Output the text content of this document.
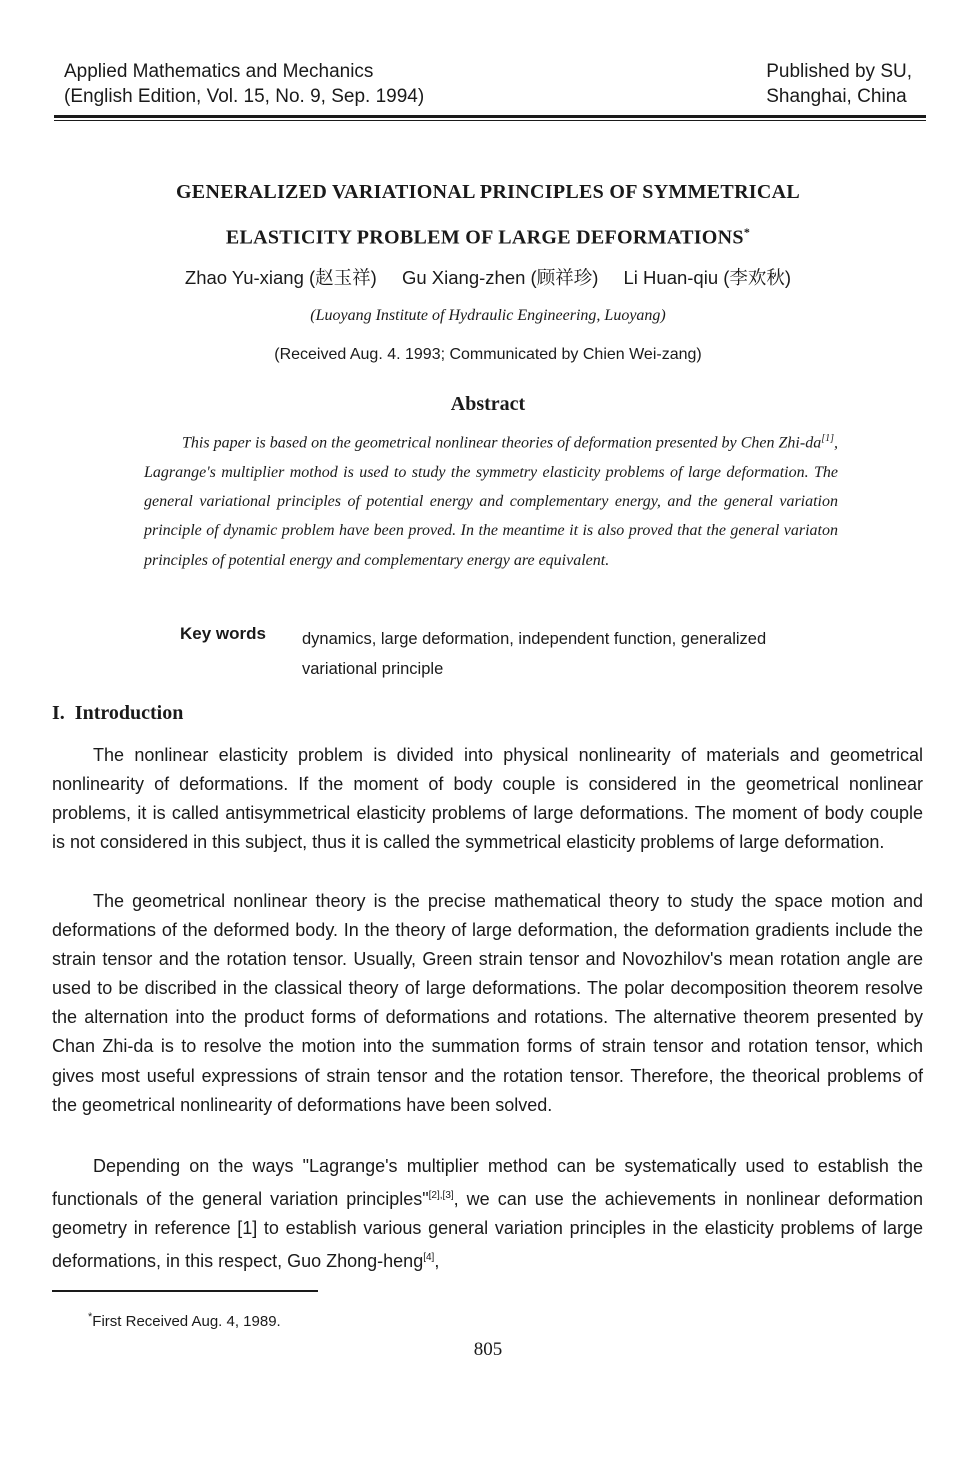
Applied Mathematics and Mechanics
(English Edition, Vol. 15, No. 9, Sep. 1994)
Published by SU,
Shanghai, China
GENERALIZED VARIATIONAL PRINCIPLES OF SYMMETRICAL
ELASTICITY PROBLEM OF LARGE DEFORMATIONS*
Zhao Yu-xiang (赵玉祥) Gu Xiang-zhen (顾祥珍) Li Huan-qiu (李欢秋)
(Luoyang Institute of Hydraulic Engineering, Luoyang)
(Received Aug. 4. 1993; Communicated by Chien Wei-zang)
Abstract
This paper is based on the geometrical nonlinear theories of deformation presented by Chen Zhi-da[1], Lagrange's multiplier mothod is used to study the symmetry elasticity problems of large deformation. The general variational principles of potential energy and complementary energy, and the general variation principle of dynamic problem have been proved. In the meantime it is also proved that the general variaton principles of potential energy and complementary energy are equivalent.
Key words dynamics, large deformation, independent function, generalized variational principle
I.  Introduction
The nonlinear elasticity problem is divided into physical nonlinearity of materials and geometrical nonlinearity of deformations. If the moment of body couple is considered in the geometrical nonlinear problems, it is called antisymmetrical elasticity problems of large deformations. The moment of body couple is not considered in this subject, thus it is called the symmetrical elasticity problems of large deformation.
The geometrical nonlinear theory is the precise mathematical theory to study the space motion and deformations of the deformed body. In the theory of large deformation, the deformation gradients include the strain tensor and the rotation tensor. Usually, Green strain tensor and Novozhilov's mean rotation angle are used to be discribed in the classical theory of large deformations. The polar decomposition theorem resolve the alternation into the product forms of deformations and rotations. The alternative theorem presented by Chan Zhi-da is to resolve the motion into the summation forms of strain tensor and rotation tensor, which gives most useful expressions of strain tensor and the rotation tensor. Therefore, the theorical problems of the geometrical nonlinearity of deformations have been solved.
Depending on the ways "Lagrange's multiplier method can be systematically used to establish the functionals of the general variation principles"[2],[3], we can use the achievements in nonlinear deformation geometry in reference [1] to establish various general variation principles in the elasticity problems of large deformations, in this respect, Guo Zhong-heng[4],
*First Received Aug. 4, 1989.
805
